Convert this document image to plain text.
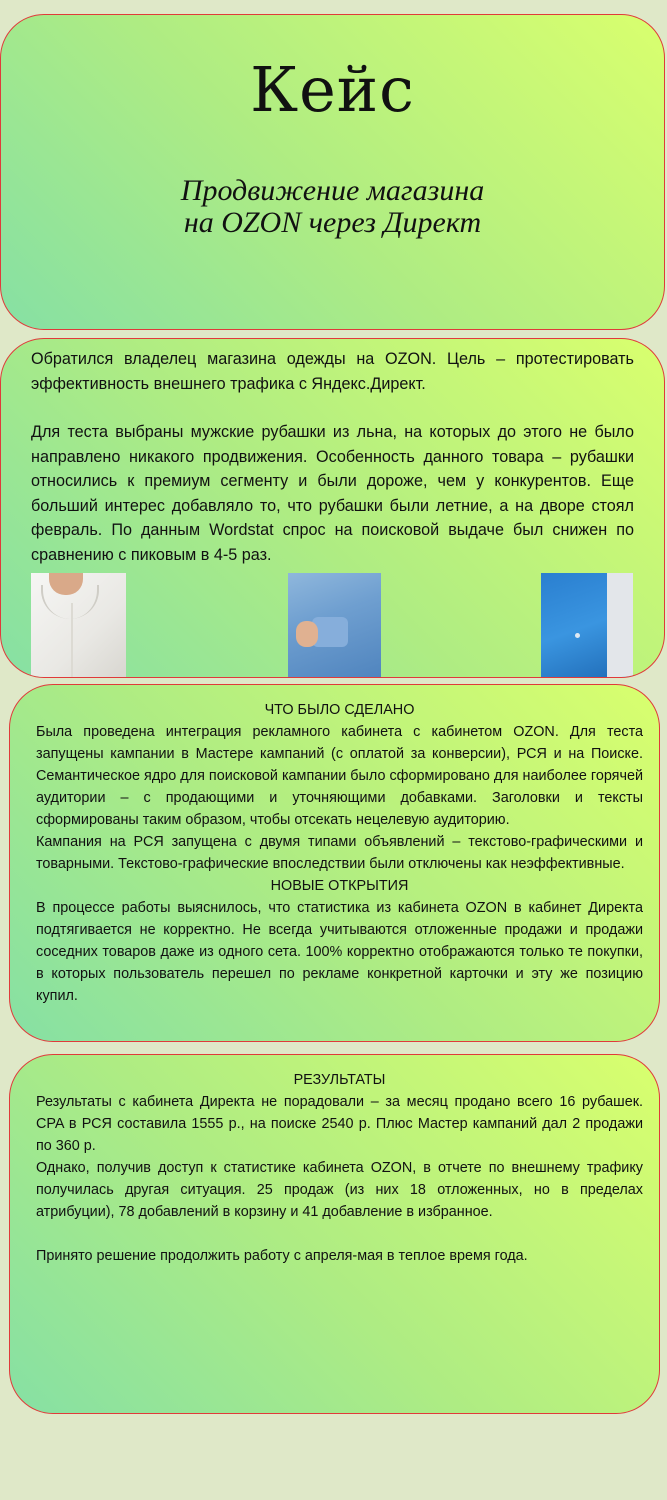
Кейс
Продвижение магазина
на OZON через Директ

Обратился владелец магазина одежды на OZON. Цель – протестировать эффективность внешнего трафика с Яндекс.Директ.

Для теста выбраны мужские рубашки из льна, на которых до этого не было направлено никакого продвижения. Особенность данного товара – рубашки относились к премиум сегменту и были дороже, чем у конкурентов. Еще больший интерес добавляло то, что рубашки были летние, а на дворе стоял февраль. По данным Wordstat спрос на поисковой выдаче был снижен по сравнению с пиковым в 4-5 раз.

ЧТО БЫЛО СДЕЛАНО

Была проведена интеграция рекламного кабинета с кабинетом OZON. Для теста запущены кампании в Мастере кампаний (с оплатой за конверсии), РСЯ и на Поиске. Семантическое ядро для поисковой кампании было сформировано для наиболее горячей аудитории – с продающими и уточняющими добавками. Заголовки и тексты сформированы таким образом, чтобы отсекать нецелевую аудиторию.

Кампания на РСЯ запущена с двумя типами объявлений – текстово-графическими и товарными. Текстово-графические впоследствии были отключены как неэффективные.

НОВЫЕ ОТКРЫТИЯ

В процессе работы выяснилось, что статистика из кабинета OZON в кабинет Директа подтягивается не корректно. Не всегда учитываются отложенные продажи и продажи соседних товаров даже из одного сета. 100% корректно отображаются только те покупки, в которых пользователь перешел по рекламе конкретной карточки и эту же позицию купил.

РЕЗУЛЬТАТЫ

Результаты с кабинета Директа не порадовали – за месяц продано всего 16 рубашек. CPA в РСЯ составила 1555 р., на поиске 2540 р. Плюс Мастер кампаний дал 2 продажи по 360 р.

Однако, получив доступ к статистике кабинета OZON, в отчете по внешнему трафику получилась другая ситуация. 25 продаж (из них 18 отложенных, но в пределах атрибуции), 78 добавлений в корзину и 41 добавление в избранное.

Принято решение продолжить работу с апреля-мая в теплое время года.
